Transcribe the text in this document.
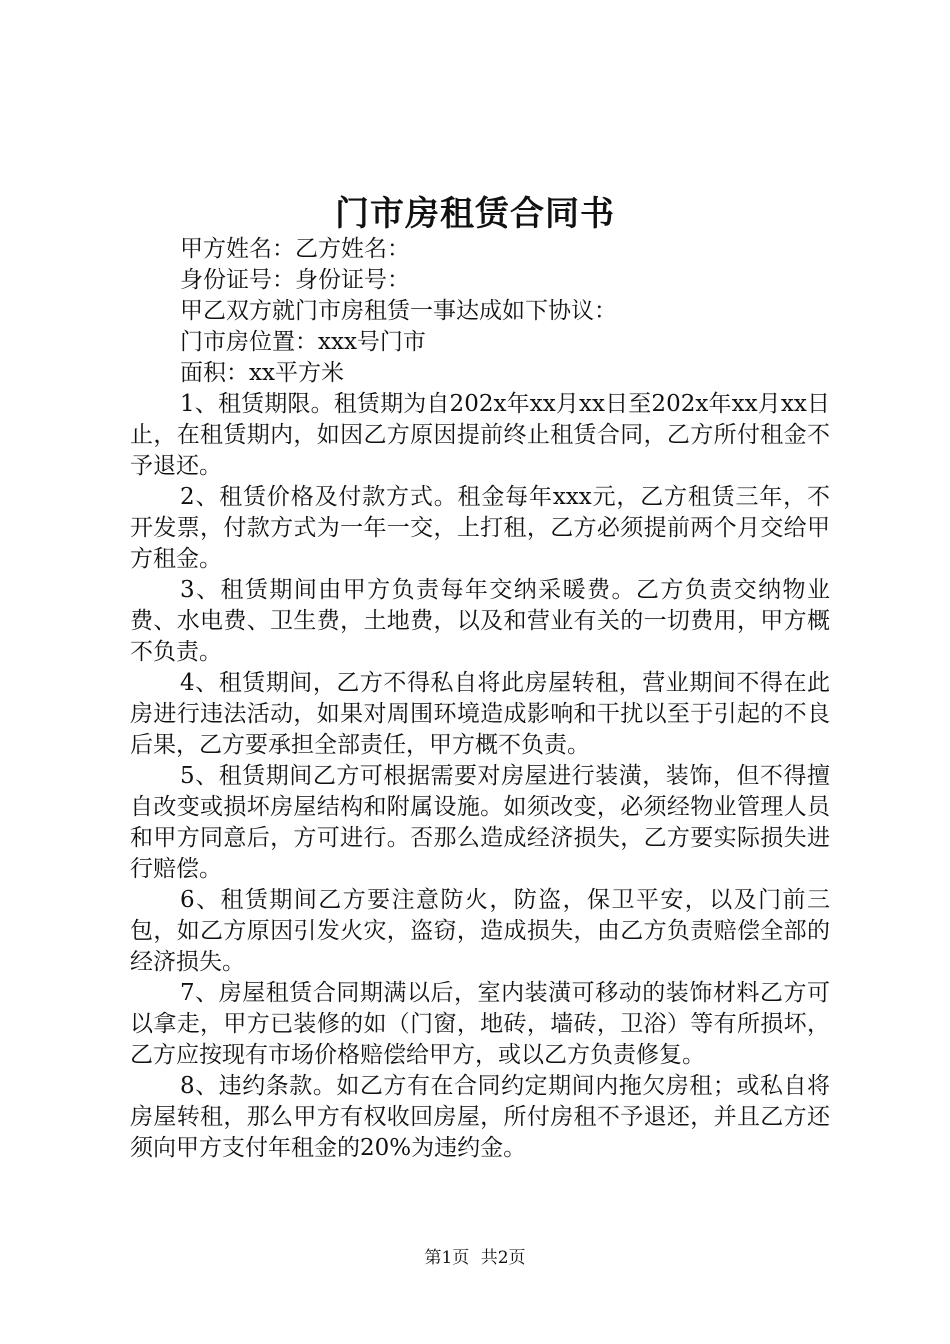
门市房租赁合同书

甲方姓名：乙方姓名：

身份证号：身份证号：

甲乙双方就门市房租赁一事达成如下协议：

门市房位置：xxx号门市

面积：xx平方米

1、租赁期限。租赁期为自202x年xx月xx日至202x年xx月xx日止，在租赁期内，如因乙方原因提前终止租赁合同，乙方所付租金不予退还。

2、租赁价格及付款方式。租金每年xxx元，乙方租赁三年，不开发票，付款方式为一年一交，上打租，乙方必须提前两个月交给甲方租金。

3、租赁期间由甲方负责每年交纳采暖费。乙方负责交纳物业费、水电费、卫生费，土地费，以及和营业有关的一切费用，甲方概不负责。

4、租赁期间，乙方不得私自将此房屋转租，营业期间不得在此房进行违法活动，如果对周围环境造成影响和干扰以至于引起的不良后果，乙方要承担全部责任，甲方概不负责。

5、租赁期间乙方可根据需要对房屋进行装潢，装饰，但不得擅自改变或损坏房屋结构和附属设施。如须改变，必须经物业管理人员和甲方同意后，方可进行。否那么造成经济损失，乙方要实际损失进行赔偿。

6、租赁期间乙方要注意防火，防盗，保卫平安，以及门前三包，如乙方原因引发火灾，盗窃，造成损失，由乙方负责赔偿全部的经济损失。

7、房屋租赁合同期满以后，室内装潢可移动的装饰材料乙方可以拿走，甲方已装修的如（门窗，地砖，墙砖，卫浴）等有所损坏，乙方应按现有市场价格赔偿给甲方，或以乙方负责修复。

8、违约条款。如乙方有在合同约定期间内拖欠房租；或私自将房屋转租，那么甲方有权收回房屋，所付房租不予退还，并且乙方还须向甲方支付年租金的20%为违约金。

第1页 共2页
